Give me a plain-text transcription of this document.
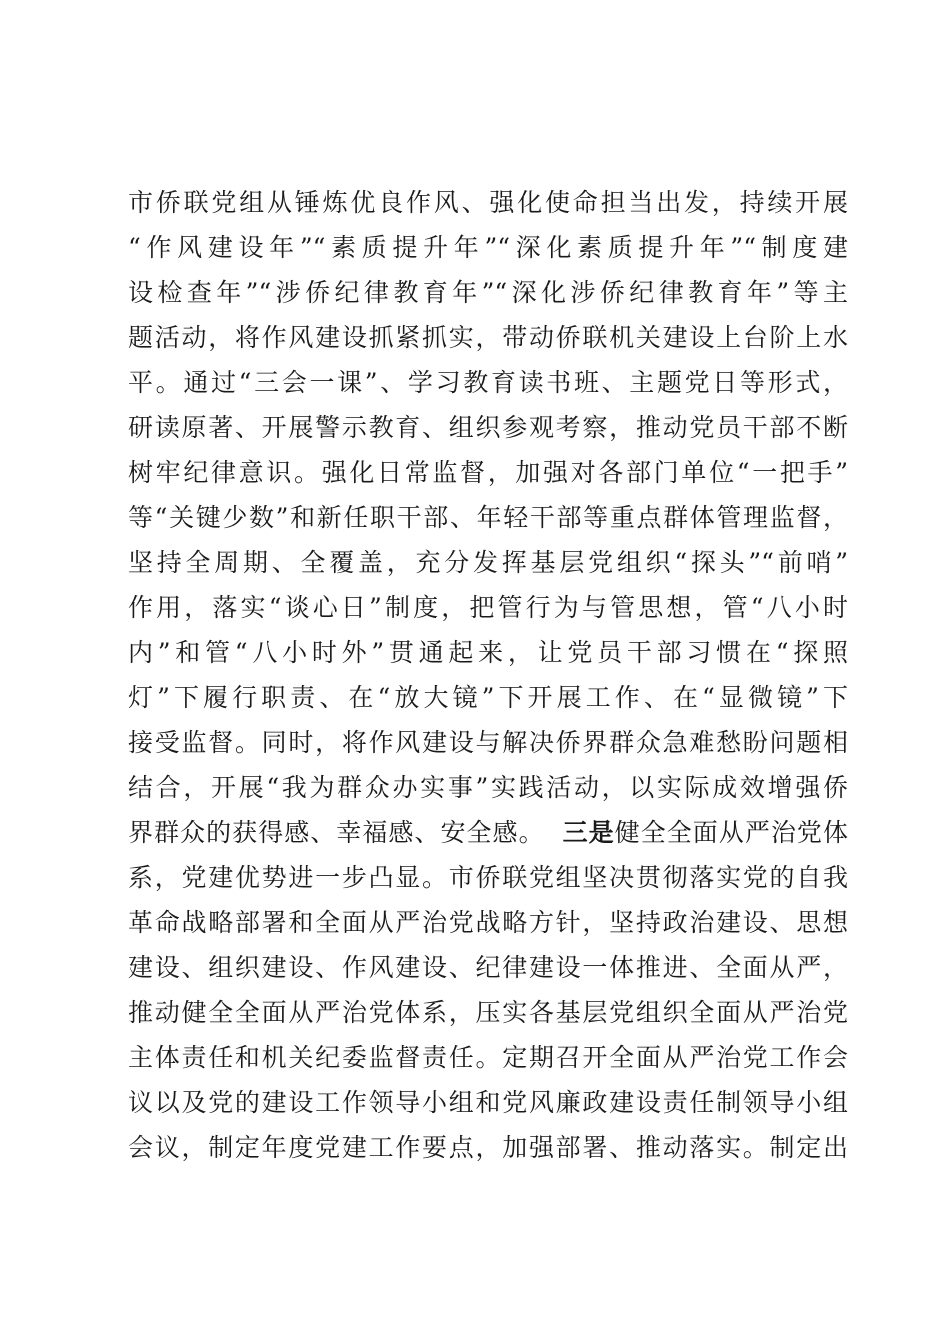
市侨联党组从锤炼优良作风、强化使命担当出发，持续开展
“作风建设年”“素质提升年”“深化素质提升年”“制度建
设检查年”“涉侨纪律教育年”“深化涉侨纪律教育年”等主
题活动，将作风建设抓紧抓实，带动侨联机关建设上台阶上水
平。通过“三会一课”、学习教育读书班、主题党日等形式，
研读原著、开展警示教育、组织参观考察，推动党员干部不断
树牢纪律意识。强化日常监督，加强对各部门单位“一把手”
等“关键少数”和新任职干部、年轻干部等重点群体管理监督，
坚持全周期、全覆盖，充分发挥基层党组织“探头”“前哨”
作用，落实“谈心日”制度，把管行为与管思想，管“八小时
内”和管“八小时外”贯通起来，让党员干部习惯在“探照
灯”下履行职责、在“放大镜”下开展工作、在“显微镜”下
接受监督。同时，将作风建设与解决侨界群众急难愁盼问题相
结合，开展“我为群众办实事”实践活动，以实际成效增强侨
界群众的获得感、幸福感、安全感。  三是健全全面从严治党体
系，党建优势进一步凸显。市侨联党组坚决贯彻落实党的自我
革命战略部署和全面从严治党战略方针，坚持政治建设、思想
建设、组织建设、作风建设、纪律建设一体推进、全面从严，
推动健全全面从严治党体系，压实各基层党组织全面从严治党
主体责任和机关纪委监督责任。定期召开全面从严治党工作会
议以及党的建设工作领导小组和党风廉政建设责任制领导小组
会议，制定年度党建工作要点，加强部署、推动落实。制定出
